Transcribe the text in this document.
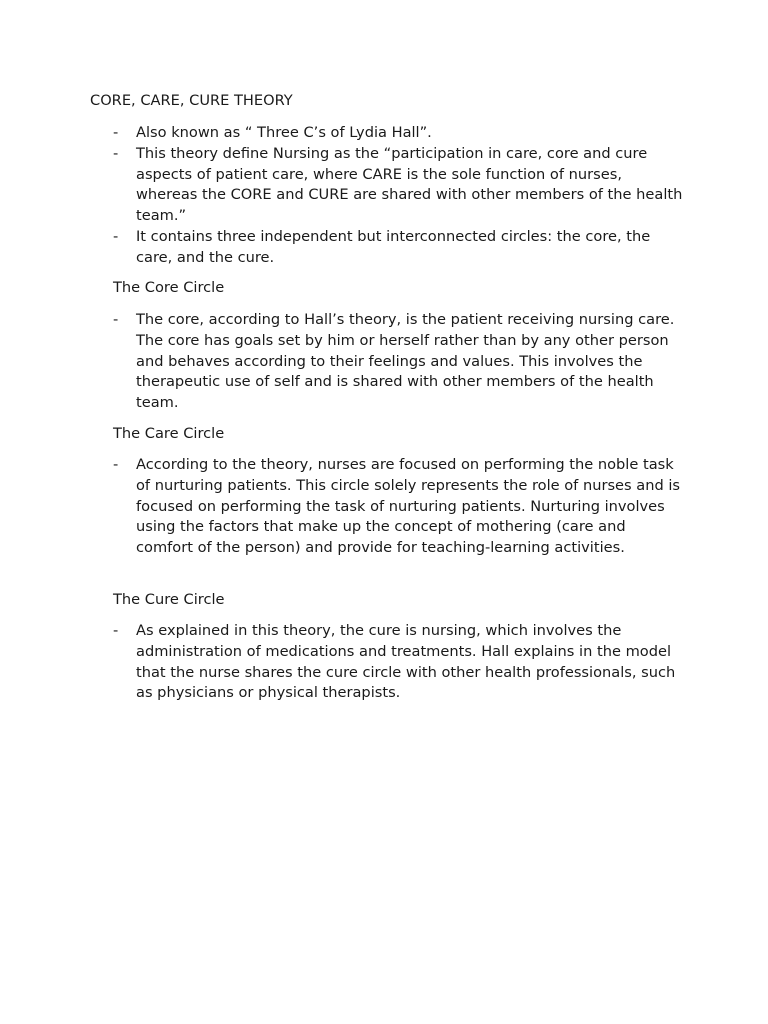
CORE, CARE, CURE THEORY
- Also known as “ Three C’s of Lydia Hall”.
- This theory define Nursing as the “participation in care, core and cure aspects of patient care, where CARE is the sole function of nurses, whereas the CORE and CURE are shared with other members of the health team.”
- It contains three independent but interconnected circles: the core, the care, and the cure.
The Core Circle
- The core, according to Hall’s theory, is the patient receiving nursing care. The core has goals set by him or herself rather than by any other person and behaves according to their feelings and values. This involves the therapeutic use of self and is shared with other members of the health team.
The Care Circle
- According to the theory, nurses are focused on performing the noble task of nurturing patients. This circle solely represents the role of nurses and is focused on performing the task of nurturing patients. Nurturing involves using the factors that make up the concept of mothering (care and comfort of the person) and provide for teaching-learning activities.
The Cure Circle
- As explained in this theory, the cure is nursing, which involves the administration of medications and treatments. Hall explains in the model that the nurse shares the cure circle with other health professionals, such as physicians or physical therapists.
